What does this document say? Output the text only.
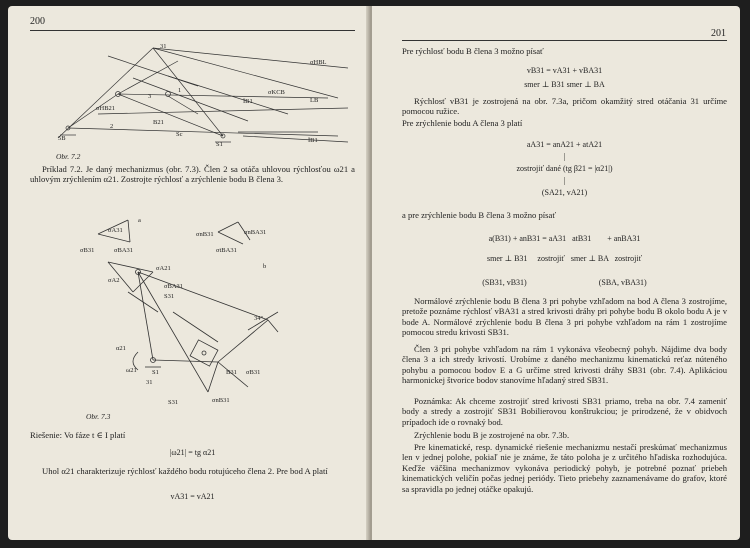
200
31
σHBL
σKCB
ĪB1
3
1
σHB21
B21
2
S1
ĪB1
Sc
5B
LB
Obr. 7.2
Príklad 7.2. Je daný mechanizmus (obr. 7.3). Člen 2 sa otáča uhlovou rýchlosťou ω21 a uhlovým zrýchlením α21. Zostrojte rýchlosť a zrýchlenie bodu B člena 3.
a
b
σA31
σB31	σBA31
σnB31	σnBA31
σtBA31
σA21
σA2
σBA31
S31
S1
α21
ω21
31
34°
B31 σB31
S31	σnB31
Obr. 7.3
Riešenie: Vo fáze t ∈ I platí
|ω21| = tg α21
Uhol α21 charakterizuje rýchlosť každého bodu rotujúceho člena 2. Pre bod A platí
vA31 = vA21
201
Pre rýchlosť bodu B člena 3 možno písať
vB31 = vA31 + vBA31
smer ⊥ B31 smer ⊥ BA
Rýchlosť vB31 je zostrojená na obr. 7.3a, pričom okamžitý stred otáčania 31 určíme pomocou ružice.
Pre zrýchlenie bodu A člena 3 platí
aA31 = anA21 + atA21
|
zostrojiť dané (tg β21 = |α21|)
|
(SA21, vA21)
a pre zrýchlenie bodu B člena 3 možno písať
a(B31) + anB31 = aA31   atB31        + anBA31
smer ⊥ B31     zostrojiť   smer ⊥ BA   zostrojiť
(SB31, vB31)                                    (SBA, vBA31)
Normálové zrýchlenie bodu B člena 3 pri pohybe vzhľadom na bod A člena 3 zostrojíme, pretože poznáme rýchlosť vBA31 a stred krivosti dráhy pri pohybe bodu B okolo bodu A je v bode A. Normálové zrýchlenie bodu B člena 3 pri pohybe vzhľadom na rám 1 zostrojíme pomocou stredu krivosti SB31.
Člen 3 pri pohybe vzhľadom na rám 1 vykonáva všeobecný pohyb. Nájdime dva body člena 3 a ich stredy krivostí. Urobíme z daného mechanizmu kinematickú reťaz núteného pohybu a pomocou bodov E a G určíme stred krivosti dráhy SB31 (obr. 7.4). Aplikáciou harmonickej štvorice bodov stanovíme hľadaný stred SB31.
Poznámka: Ak chceme zostrojiť stred krivosti SB31 priamo, treba na obr. 7.4 zameniť body a stredy a zostrojiť SB31 Bobilierovou konštrukciou; je prirodzené, že v obidvoch prípadoch ide o rovnaký bod.
Zrýchlenie bodu B je zostrojené na obr. 7.3b.
Pre kinematické, resp. dynamické riešenie mechanizmu nestačí preskúmať mechanizmus len v jednej polohe, pokiaľ nie je známe, že táto poloha je z určitého hľadiska rozhodujúca. Keďže väčšina mechanizmov vykonáva periodický pohyb, je potrebné poznať priebeh kinematických veličín počas jednej periódy. Tieto priebehy zaznamenávame do grafov, ktoré sa spravidla po jednej otáčke opakujú.
